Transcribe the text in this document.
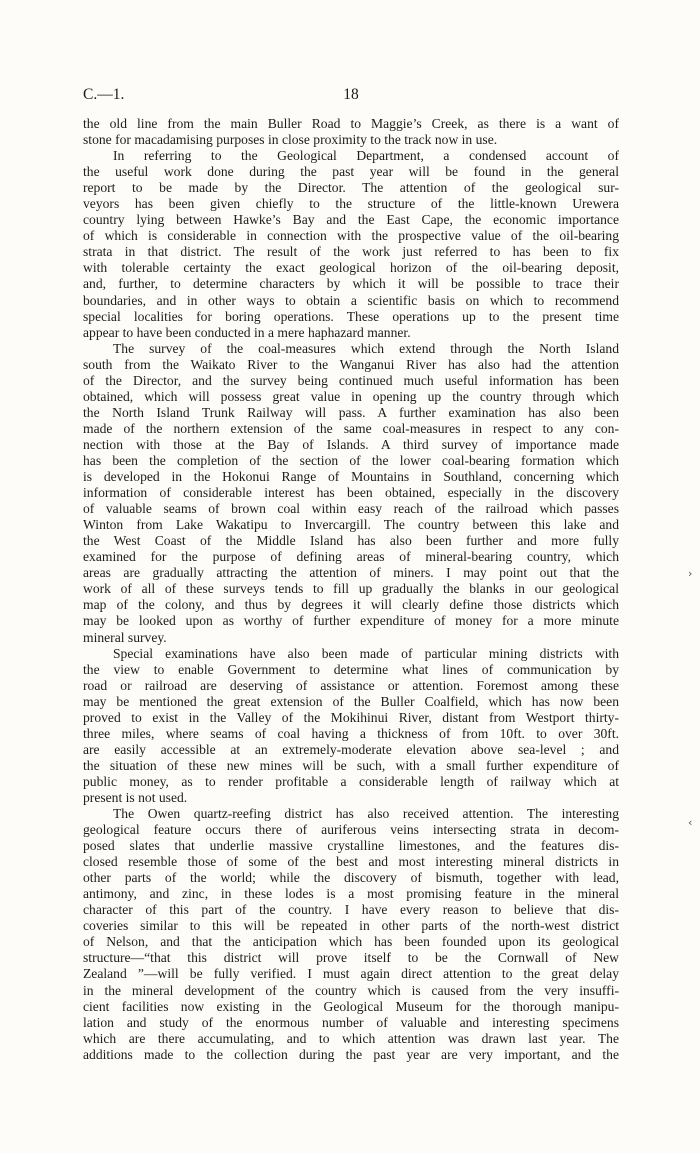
C.—1.	18
the old line from the main Buller Road to Maggie’s Creek, as there is a want of
stone for macadamising purposes in close proximity to the track now in use.
In referring to the Geological Department, a condensed account of
the useful work done during the past year will be found in the general
report to be made by the Director. The attention of the geological sur-
veyors has been given chiefly to the structure of the little-known Urewera
country lying between Hawke’s Bay and the East Cape, the economic importance
of which is considerable in connection with the prospective value of the oil-bearing
strata in that district. The result of the work just referred to has been to fix
with tolerable certainty the exact geological horizon of the oil-bearing deposit,
and, further, to determine characters by which it will be possible to trace their
boundaries, and in other ways to obtain a scientific basis on which to recommend
special localities for boring operations. These operations up to the present time
appear to have been conducted in a mere haphazard manner.
The survey of the coal-measures which extend through the North Island
south from the Waikato River to the Wanganui River has also had the attention
of the Director, and the survey being continued much useful information has been
obtained, which will possess great value in opening up the country through which
the North Island Trunk Railway will pass. A further examination has also been
made of the northern extension of the same coal-measures in respect to any con-
nection with those at the Bay of Islands. A third survey of importance made
has been the completion of the section of the lower coal-bearing formation which
is developed in the Hokonui Range of Mountains in Southland, concerning which
information of considerable interest has been obtained, especially in the discovery
of valuable seams of brown coal within easy reach of the railroad which passes
Winton from Lake Wakatipu to Invercargill. The country between this lake and
the West Coast of the Middle Island has also been further and more fully
examined for the purpose of defining areas of mineral-bearing country, which
areas are gradually attracting the attention of miners. I may point out that the
work of all of these surveys tends to fill up gradually the blanks in our geological
map of the colony, and thus by degrees it will clearly define those districts which
may be looked upon as worthy of further expenditure of money for a more minute
mineral survey.
Special examinations have also been made of particular mining districts with
the view to enable Government to determine what lines of communication by
road or railroad are deserving of assistance or attention. Foremost among these
may be mentioned the great extension of the Buller Coalfield, which has now been
proved to exist in the Valley of the Mokihinui River, distant from Westport thirty-
three miles, where seams of coal having a thickness of from 10ft. to over 30ft.
are easily accessible at an extremely-moderate elevation above sea-level ; and
the situation of these new mines will be such, with a small further expenditure of
public money, as to render profitable a considerable length of railway which at
present is not used.
The Owen quartz-reefing district has also received attention. The interesting
geological feature occurs there of auriferous veins intersecting strata in decom-
posed slates that underlie massive crystalline limestones, and the features dis-
closed resemble those of some of the best and most interesting mineral districts in
other parts of the world; while the discovery of bismuth, together with lead,
antimony, and zinc, in these lodes is a most promising feature in the mineral
character of this part of the country. I have every reason to believe that dis-
coveries similar to this will be repeated in other parts of the north-west district
of Nelson, and that the anticipation which has been founded upon its geological
structure—“that this district will prove itself to be the Cornwall of New
Zealand ”—will be fully verified. I must again direct attention to the great delay
in the mineral development of the country which is caused from the very insuffi-
cient facilities now existing in the Geological Museum for the thorough manipu-
lation and study of the enormous number of valuable and interesting specimens
which are there accumulating, and to which attention was drawn last year. The
additions made to the collection during the past year are very important, and the
›
‹
